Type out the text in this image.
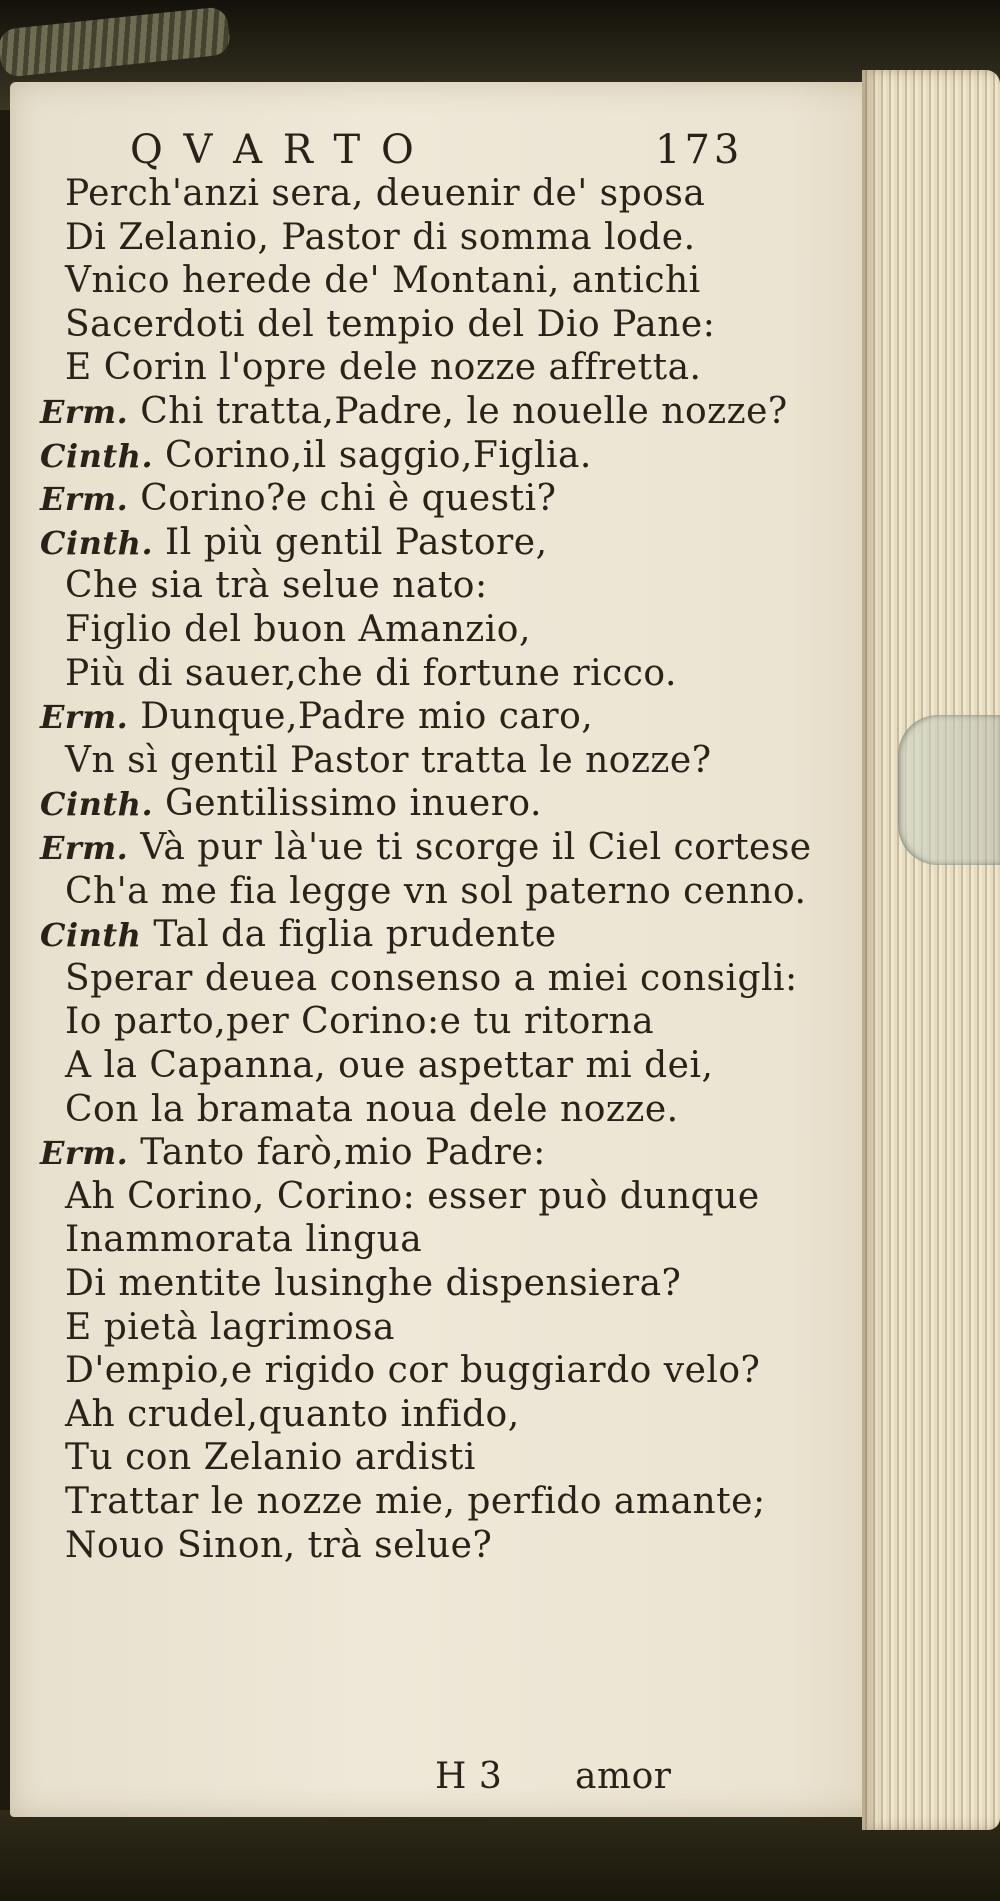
Q V A R T O	173
Perch'anzi sera, deuenir de' sposa
Di Zelanio, Pastor di somma lode.
Vnico herede de' Montani, antichi
Sacerdoti del tempio del Dio Pane:
E Corin l'opre dele nozze affretta.
Erm. Chi tratta,Padre, le nouelle nozze?
Cinth. Corino,il saggio,Figlia.
Erm. Corino?e chi è questi?
Cinth. Il più gentil Pastore,
Che sia trà selue nato:
Figlio del buon Amanzio,
Più di sauer,che di fortune ricco.
Erm. Dunque,Padre mio caro,
Vn sì gentil Pastor tratta le nozze?
Cinth. Gentilissimo inuero.
Erm. Và pur là'ue ti scorge il Ciel cortese
Ch'a me fia legge vn sol paterno cenno.
Cinth Tal da figlia prudente
Sperar deuea consenso a miei consigli:
Io parto,per Corino:e tu ritorna
A la Capanna, oue aspettar mi dei,
Con la bramata noua dele nozze.
Erm. Tanto farò,mio Padre:
Ah Corino, Corino: esser può dunque
Inammorata lingua
Di mentite lusinghe dispensiera?
E pietà lagrimosa
D'empio,e rigido cor buggiardo velo?
Ah crudel,quanto infido,
Tu con Zelanio ardisti
Trattar le nozze mie, perfido amante;
Nouo Sinon, trà selue?
H 3 amor
